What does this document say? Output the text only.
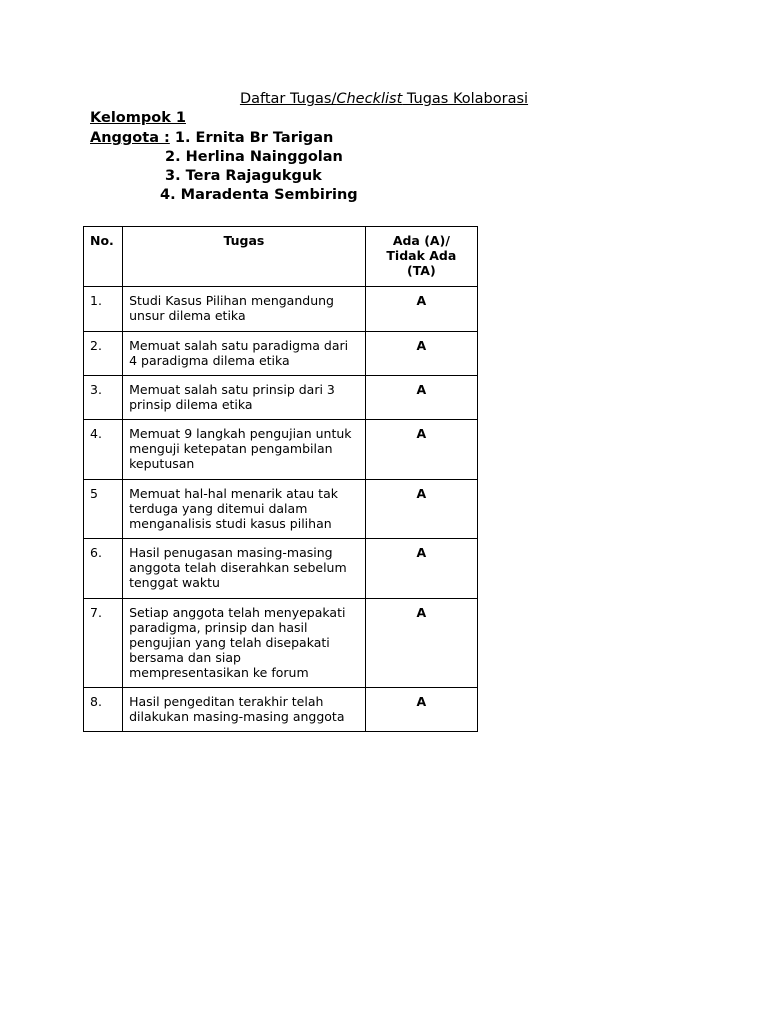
Daftar Tugas/Checklist Tugas Kolaborasi
Kelompok 1
Anggota : 1. Ernita Br Tarigan
2. Herlina Nainggolan
3. Tera Rajagukguk
4. Maradenta Sembiring
No.	Tugas	Ada (A)/
Tidak Ada
(TA)
1.	Studi Kasus Pilihan mengandung unsur dilema etika	A
2.	Memuat salah satu paradigma dari 4 paradigma dilema etika	A
3.	Memuat salah satu prinsip dari 3 prinsip dilema etika	A
4.	Memuat 9 langkah pengujian untuk menguji ketepatan pengambilan keputusan	A
5	Memuat hal-hal menarik atau tak terduga yang ditemui dalam menganalisis studi kasus pilihan	A
6.	Hasil penugasan masing-masing anggota telah diserahkan sebelum tenggat waktu	A
7.	Setiap anggota telah menyepakati paradigma, prinsip dan hasil pengujian yang telah disepakati bersama dan siap mempresentasikan ke forum	A
8.	Hasil pengeditan terakhir telah dilakukan masing-masing anggota	A
